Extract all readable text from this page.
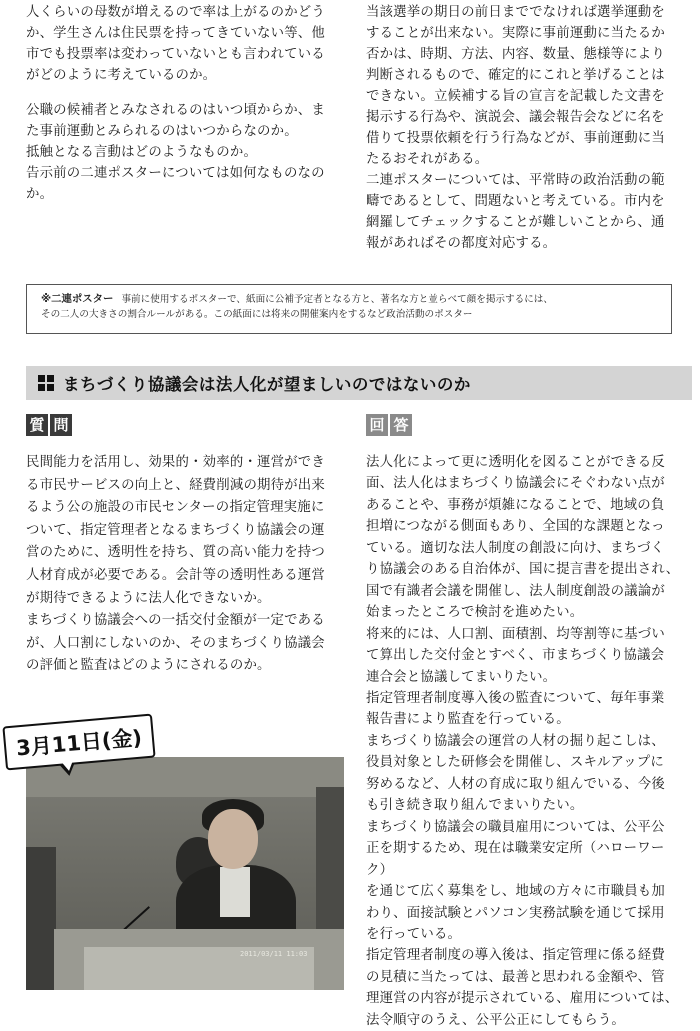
人くらいの母数が増えるので率は上がるのかどう
か、学生さんは住民票を持ってきていない等、他
市でも投票率は変わっていないとも言われている
がどのように考えているのか。

公職の候補者とみなされるのはいつ頃からか、ま
た事前運動とみられるのはいつからなのか。
抵触となる言動はどのようなものか。
告示前の二連ポスターについては如何なものなの
か。

当該選挙の期日の前日まででなければ選挙運動を
することが出来ない。実際に事前運動に当たるか
否かは、時期、方法、内容、数量、態様等により
判断されるもので、確定的にこれと挙げることは
できない。立候補する旨の宣言を記載した文書を
掲示する行為や、演説会、議会報告会などに名を
借りて投票依頼を行う行為などが、事前運動に当
たるおそれがある。
二連ポスターについては、平常時の政治活動の範
疇であるとして、問題ないと考えている。市内を
網羅してチェックすることが難しいことから、通
報があればその都度対応する。

※二連ポスター 事前に使用するポスターで、紙面に公補予定者となる方と、著名な方と並らべて顔を掲示するには、
その二人の大きさの割合ルールがある。この紙面には将来の開催案内をするなど政治活動のポスター
まちづくり協議会は法人化が望ましいのではないのか
質 問	回 答

民間能力を活用し、効果的・効率的・運営ができ
る市民サービスの向上と、経費削減の期待が出来
るよう公の施設の市民センターの指定管理実施に
ついて、指定管理者となるまちづくり協議会の運
営のために、透明性を持ち、質の高い能力を持つ
人材育成が必要である。会計等の透明性ある運営
が期待できるように法人化できないか。
まちづくり協議会への一括交付金額が一定である
が、人口割にしないのか、そのまちづくり協議会
の評価と監査はどのようにされるのか。

法人化によって更に透明化を図ることができる反
面、法人化はまちづくり協議会にそぐわない点が
あることや、事務が煩雑になることで、地域の負
担増につながる側面もあり、全国的な課題となっ
ている。適切な法人制度の創設に向け、まちづく
り協議会のある自治体が、国に提言書を提出され、
国で有識者会議を開催し、法人制度創設の議論が
始まったところで検討を進めたい。
将来的には、人口割、面積割、均等割等に基づい
て算出した交付金とすべく、市まちづくり協議会
連合会と協議してまいりたい。
指定管理者制度導入後の監査について、毎年事業
報告書により監査を行っている。
まちづくり協議会の運営の人材の掘り起こしは、
役員対象とした研修会を開催し、スキルアップに
努めるなど、人材の育成に取り組んでいる、今後
も引き続き取り組んでまいりたい。
まちづくり協議会の職員雇用については、公平公
正を期するため、現在は職業安定所（ハローワーク）
を通じて広く募集をし、地域の方々に市職員も加
わり、面接試験とパソコン実務試験を通じて採用
を行っている。
指定管理者制度の導入後は、指定管理に係る経費
の見積に当たっては、最善と思われる金額や、管
理運営の内容が提示されている、雇用については、
法令順守のうえ、公平公正にしてもらう。

2011/03/11 11:03
3月11日(金)
